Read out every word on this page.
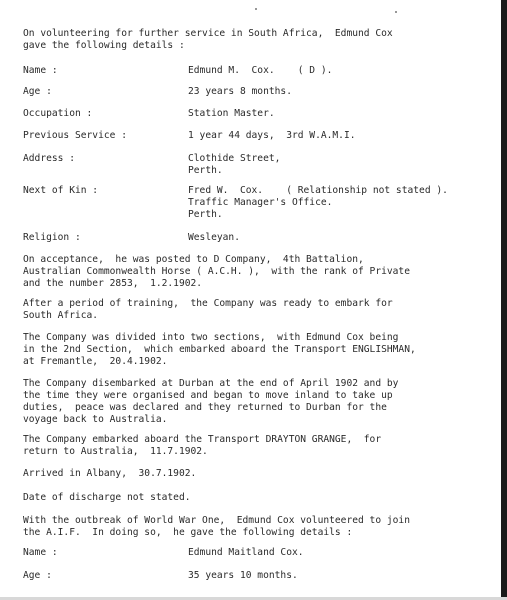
On volunteering for further service in South Africa,  Edmund Cox
gave the following details :

Name :	Edmund M.  Cox.    ( D ).
Age :	23 years 8 months.
Occupation :	Station Master.
Previous Service :	1 year 44 days,  3rd W.A.M.I.
Address :	Clothide Street,
Perth.
Next of Kin :	Fred W.  Cox.    ( Relationship not stated ).
Traffic Manager's Office.
Perth.
Religion :	Wesleyan.

On acceptance,  he was posted to D Company,  4th Battalion,
Australian Commonwealth Horse ( A.C.H. ),  with the rank of Private
and the number 2853,  1.2.1902.

After a period of training,  the Company was ready to embark for
South Africa.

The Company was divided into two sections,  with Edmund Cox being
in the 2nd Section,  which embarked aboard the Transport ENGLISHMAN,
at Fremantle,  20.4.1902.

The Company disembarked at Durban at the end of April 1902 and by
the time they were organised and began to move inland to take up
duties,  peace was declared and they returned to Durban for the
voyage back to Australia.

The Company embarked aboard the Transport DRAYTON GRANGE,  for
return to Australia,  11.7.1902.

Arrived in Albany,  30.7.1902.

Date of discharge not stated.

With the outbreak of World War One,  Edmund Cox volunteered to join
the A.I.F.  In doing so,  he gave the following details :

Name :	Edmund Maitland Cox.
Age :	35 years 10 months.
